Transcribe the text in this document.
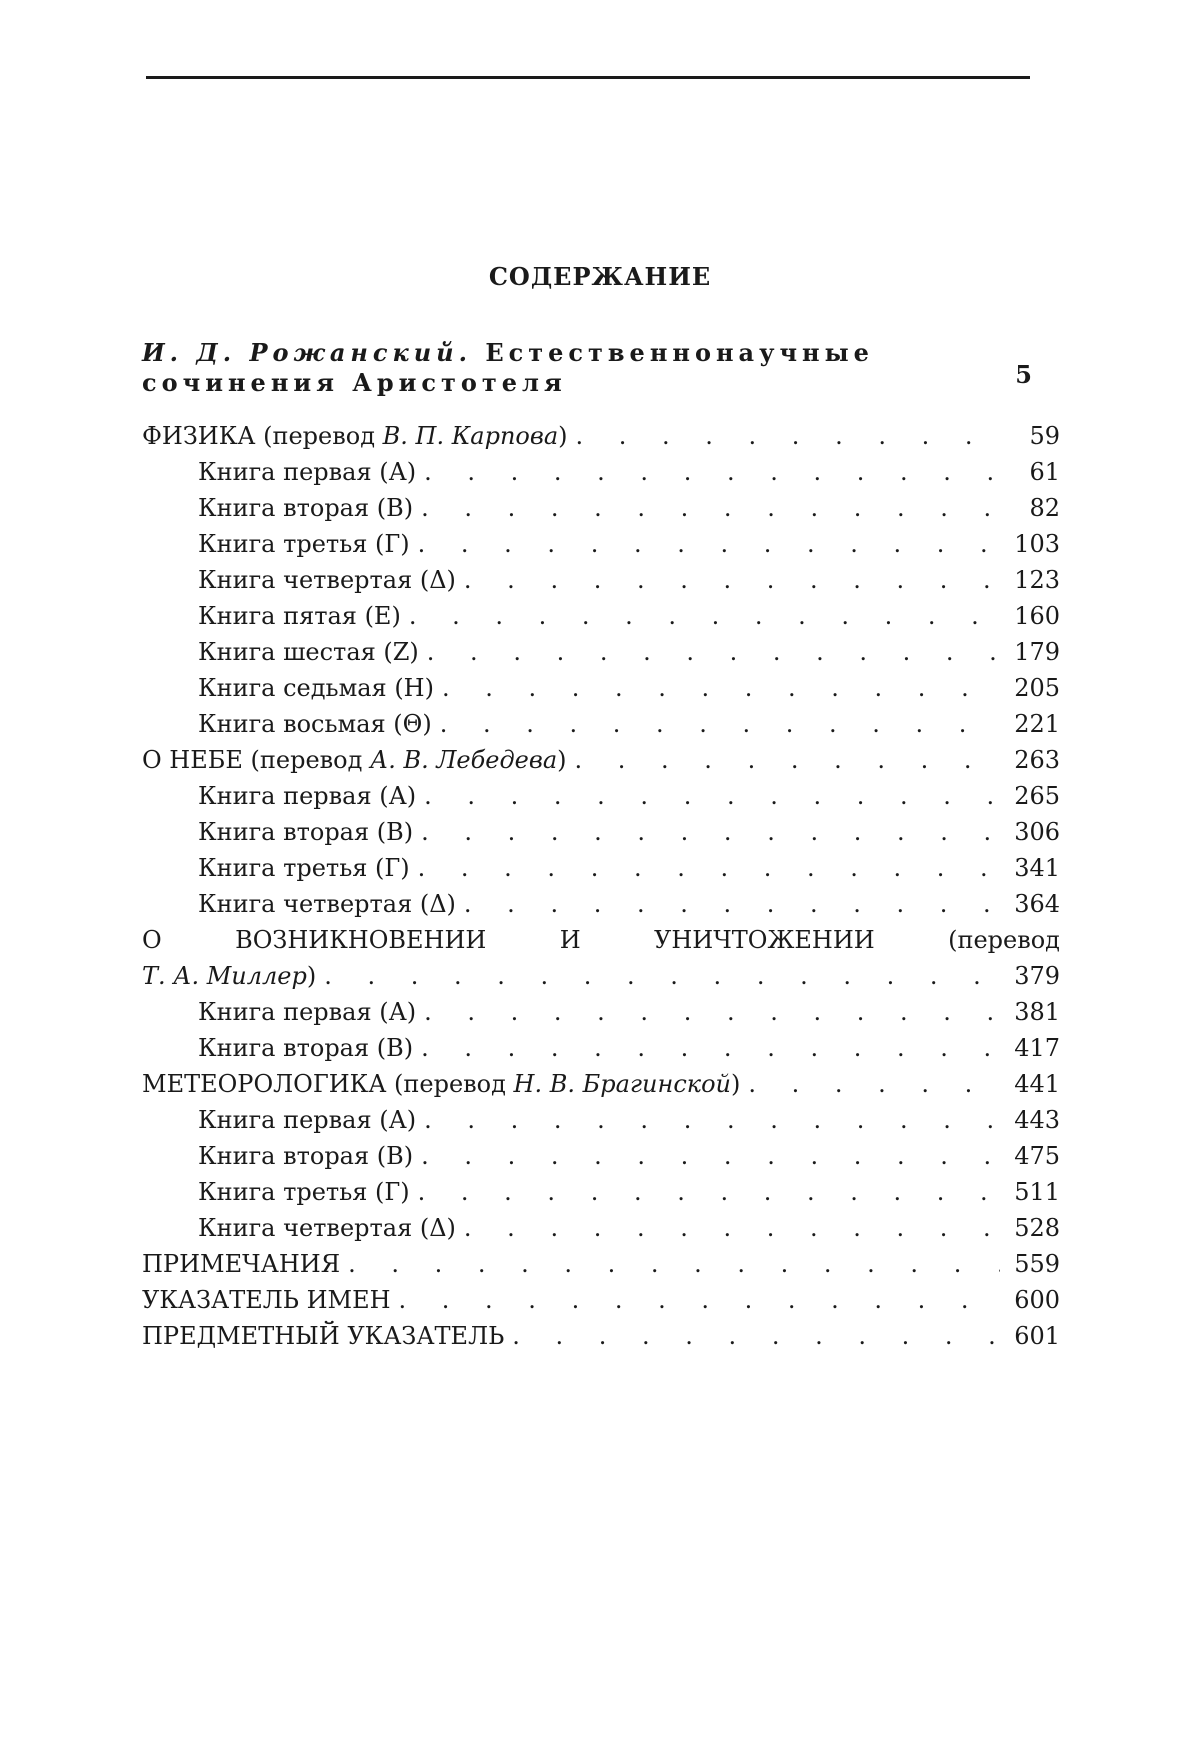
СОДЕРЖАНИЕ
И. Д. Рожанский. Естественнонаучные
сочинения Аристотеля	5
ФИЗИКА (перевод В. П. Карпова) . . .	59
Книга первая (А) . . .	61
Книга вторая (В) . . .	82
Книга третья (Г) . . .	103
Книга четвертая (Δ) . . .	123
Книга пятая (Е) . . .	160
Книга шестая (Z) . . .	179
Книга седьмая (Н) . . .	205
Книга восьмая (Θ) . . .	221
О НЕБЕ (перевод А. В. Лебедева) . . .	263
Книга первая (А) . . .	265
Книга вторая (В) . . .	306
Книга третья (Г) . . .	341
Книга четвертая (Δ) . . .	364
О	ВОЗНИКНОВЕНИИ	И	УНИЧТОЖЕНИИ	(перевод
Т. А. Миллер) . . .	379
Книга первая (А) . . .	381
Книга вторая (В) . . .	417
МЕТЕОРОЛОГИКА (перевод Н. В. Брагинской) . . .	441
Книга первая (А) . . .	443
Книга вторая (В) . . .	475
Книга третья (Г) . . .	511
Книга четвертая (Δ) . . .	528
ПРИМЕЧАНИЯ . . .	559
УКАЗАТЕЛЬ ИМЕН . . .	600
ПРЕДМЕТНЫЙ УКАЗАТЕЛЬ . . .	601
